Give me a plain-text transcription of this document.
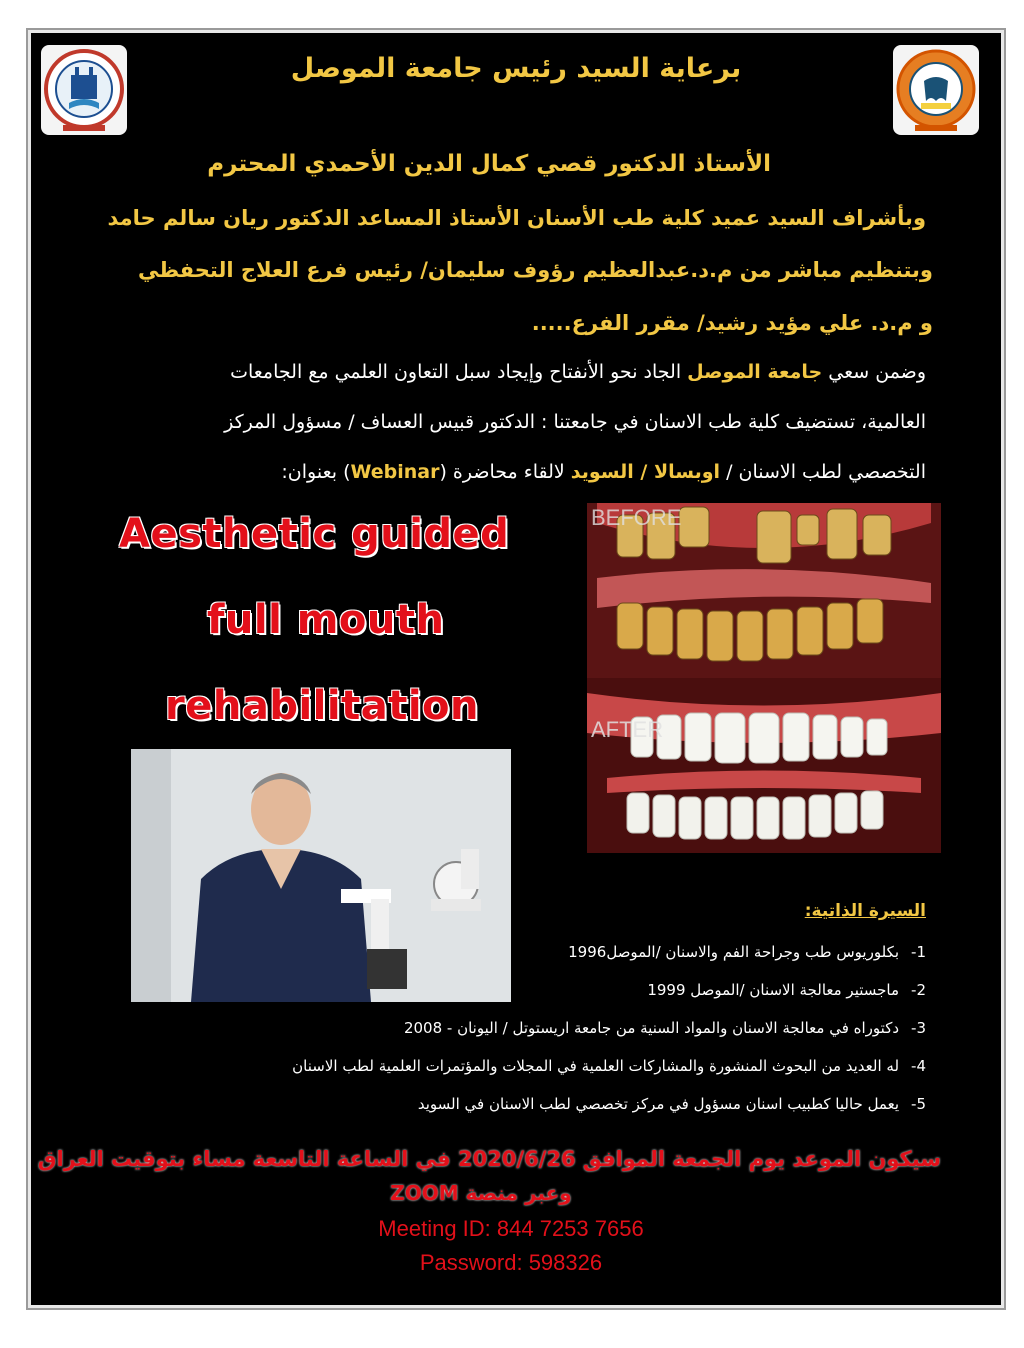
برعاية السيد رئيس جامعة الموصل
الأستاذ الدكتور قصي كمال الدين الأحمدي المحترم
وبأشراف السيد عميد كلية طب الأسنان الأستاذ المساعد الدكتور ريان سالم حامد
وبتنظيم مباشر من م.د.عبدالعظيم رؤوف سليمان/ رئيس فرع العلاج التحفظي
و م.د. علي مؤيد رشيد/ مقرر الفرع.....
وضمن سعي جامعة الموصل الجاد نحو الأنفتاح وإيجاد سبل التعاون العلمي مع الجامعات
العالمية، تستضيف كلية طب الاسنان في جامعتنا : الدكتور قبيس العساف / مسؤول المركز
التخصصي لطب الاسنان / اوبسالا / السويد لالقاء محاضرة (Webinar) بعنوان:
Aesthetic guided
full mouth
rehabilitation
BEFORE
AFTER
السيرة الذاتية:
1-بكلوريوس طب وجراحة الفم والاسنان /الموصل1996
2-ماجستير معالجة الاسنان /الموصل 1999
3-دكتوراه في معالجة الاسنان والمواد السنية من جامعة اريستوتل / اليونان - 2008
4-له العديد من البحوث المنشورة والمشاركات العلمية في المجلات والمؤتمرات العلمية لطب الاسنان
5-يعمل حاليا كطبيب اسنان مسؤول في مركز تخصصي لطب الاسنان في السويد
سيكون الموعد يوم الجمعة الموافق 2020/6/26 في الساعة التاسعة مساء بتوقيت العراق
وعبر منصة ZOOM
Meeting ID: 844 7253 7656
Password: 598326
